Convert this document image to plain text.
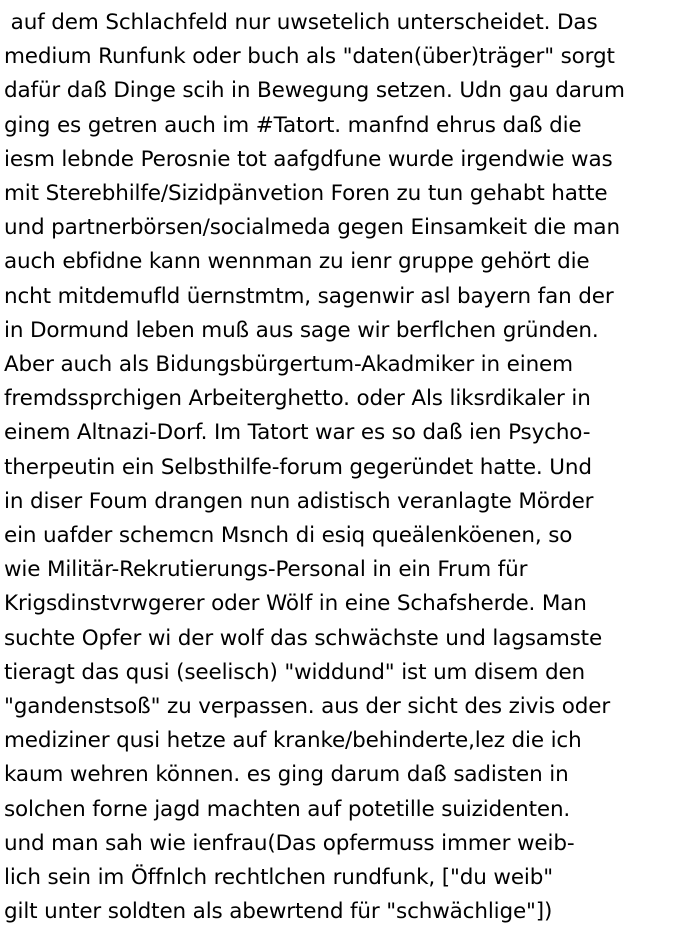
auf dem Schlachfeld nur uwsetelich unterscheidet. Das
medium Runfunk oder buch als "daten(über)träger" sorgt
dafür daß Dinge scih in Bewegung setzen. Udn gau darum
ging es getren auch im #Tatort. manfnd ehrus daß die
iesm lebnde Perosnie tot aafgdfune wurde irgendwie was
mit Sterebhilfe/Sizidpänvetion Foren zu tun gehabt hatte
und partnerbörsen/socialmeda gegen Einsamkeit die man
auch ebfidne kann wennman zu ienr gruppe gehört die
ncht mitdemufld üernstmtm, sagenwir asl bayern fan der
in Dormund leben muß aus sage wir berflchen gründen.
Aber auch als Bidungsbürgertum-Akadmiker in einem
fremdssprchigen Arbeiterghetto. oder Als liksrdikaler in
einem Altnazi-Dorf. Im Tatort war es so daß ien Psycho-
therpeutin ein Selbsthilfe-forum gegeründet hatte. Und
in diser Foum drangen nun adistisch veranlagte Mörder
ein uafder schemcn Msnch di esiq queälenköenen, so
wie Militär-Rekrutierungs-Personal in ein Frum für
Krigsdinstvrwgerer oder Wölf in eine Schafsherde. Man
suchte Opfer wi der wolf das schwächste und lagsamste
tieragt das qusi (seelisch) "widdund" ist um disem den
"gandenstsoß" zu verpassen. aus der sicht des zivis oder
mediziner qusi hetze auf kranke/behinderte,lez die ich
kaum wehren können. es ging darum daß sadisten in
solchen forne jagd machten auf potetille suizidenten.
und man sah wie ienfrau(Das opfermuss immer weib-
lich sein im Öffnlch rechtlchen rundfunk, ["du weib"
gilt unter soldten als abewrtend für "schwächlige"])
